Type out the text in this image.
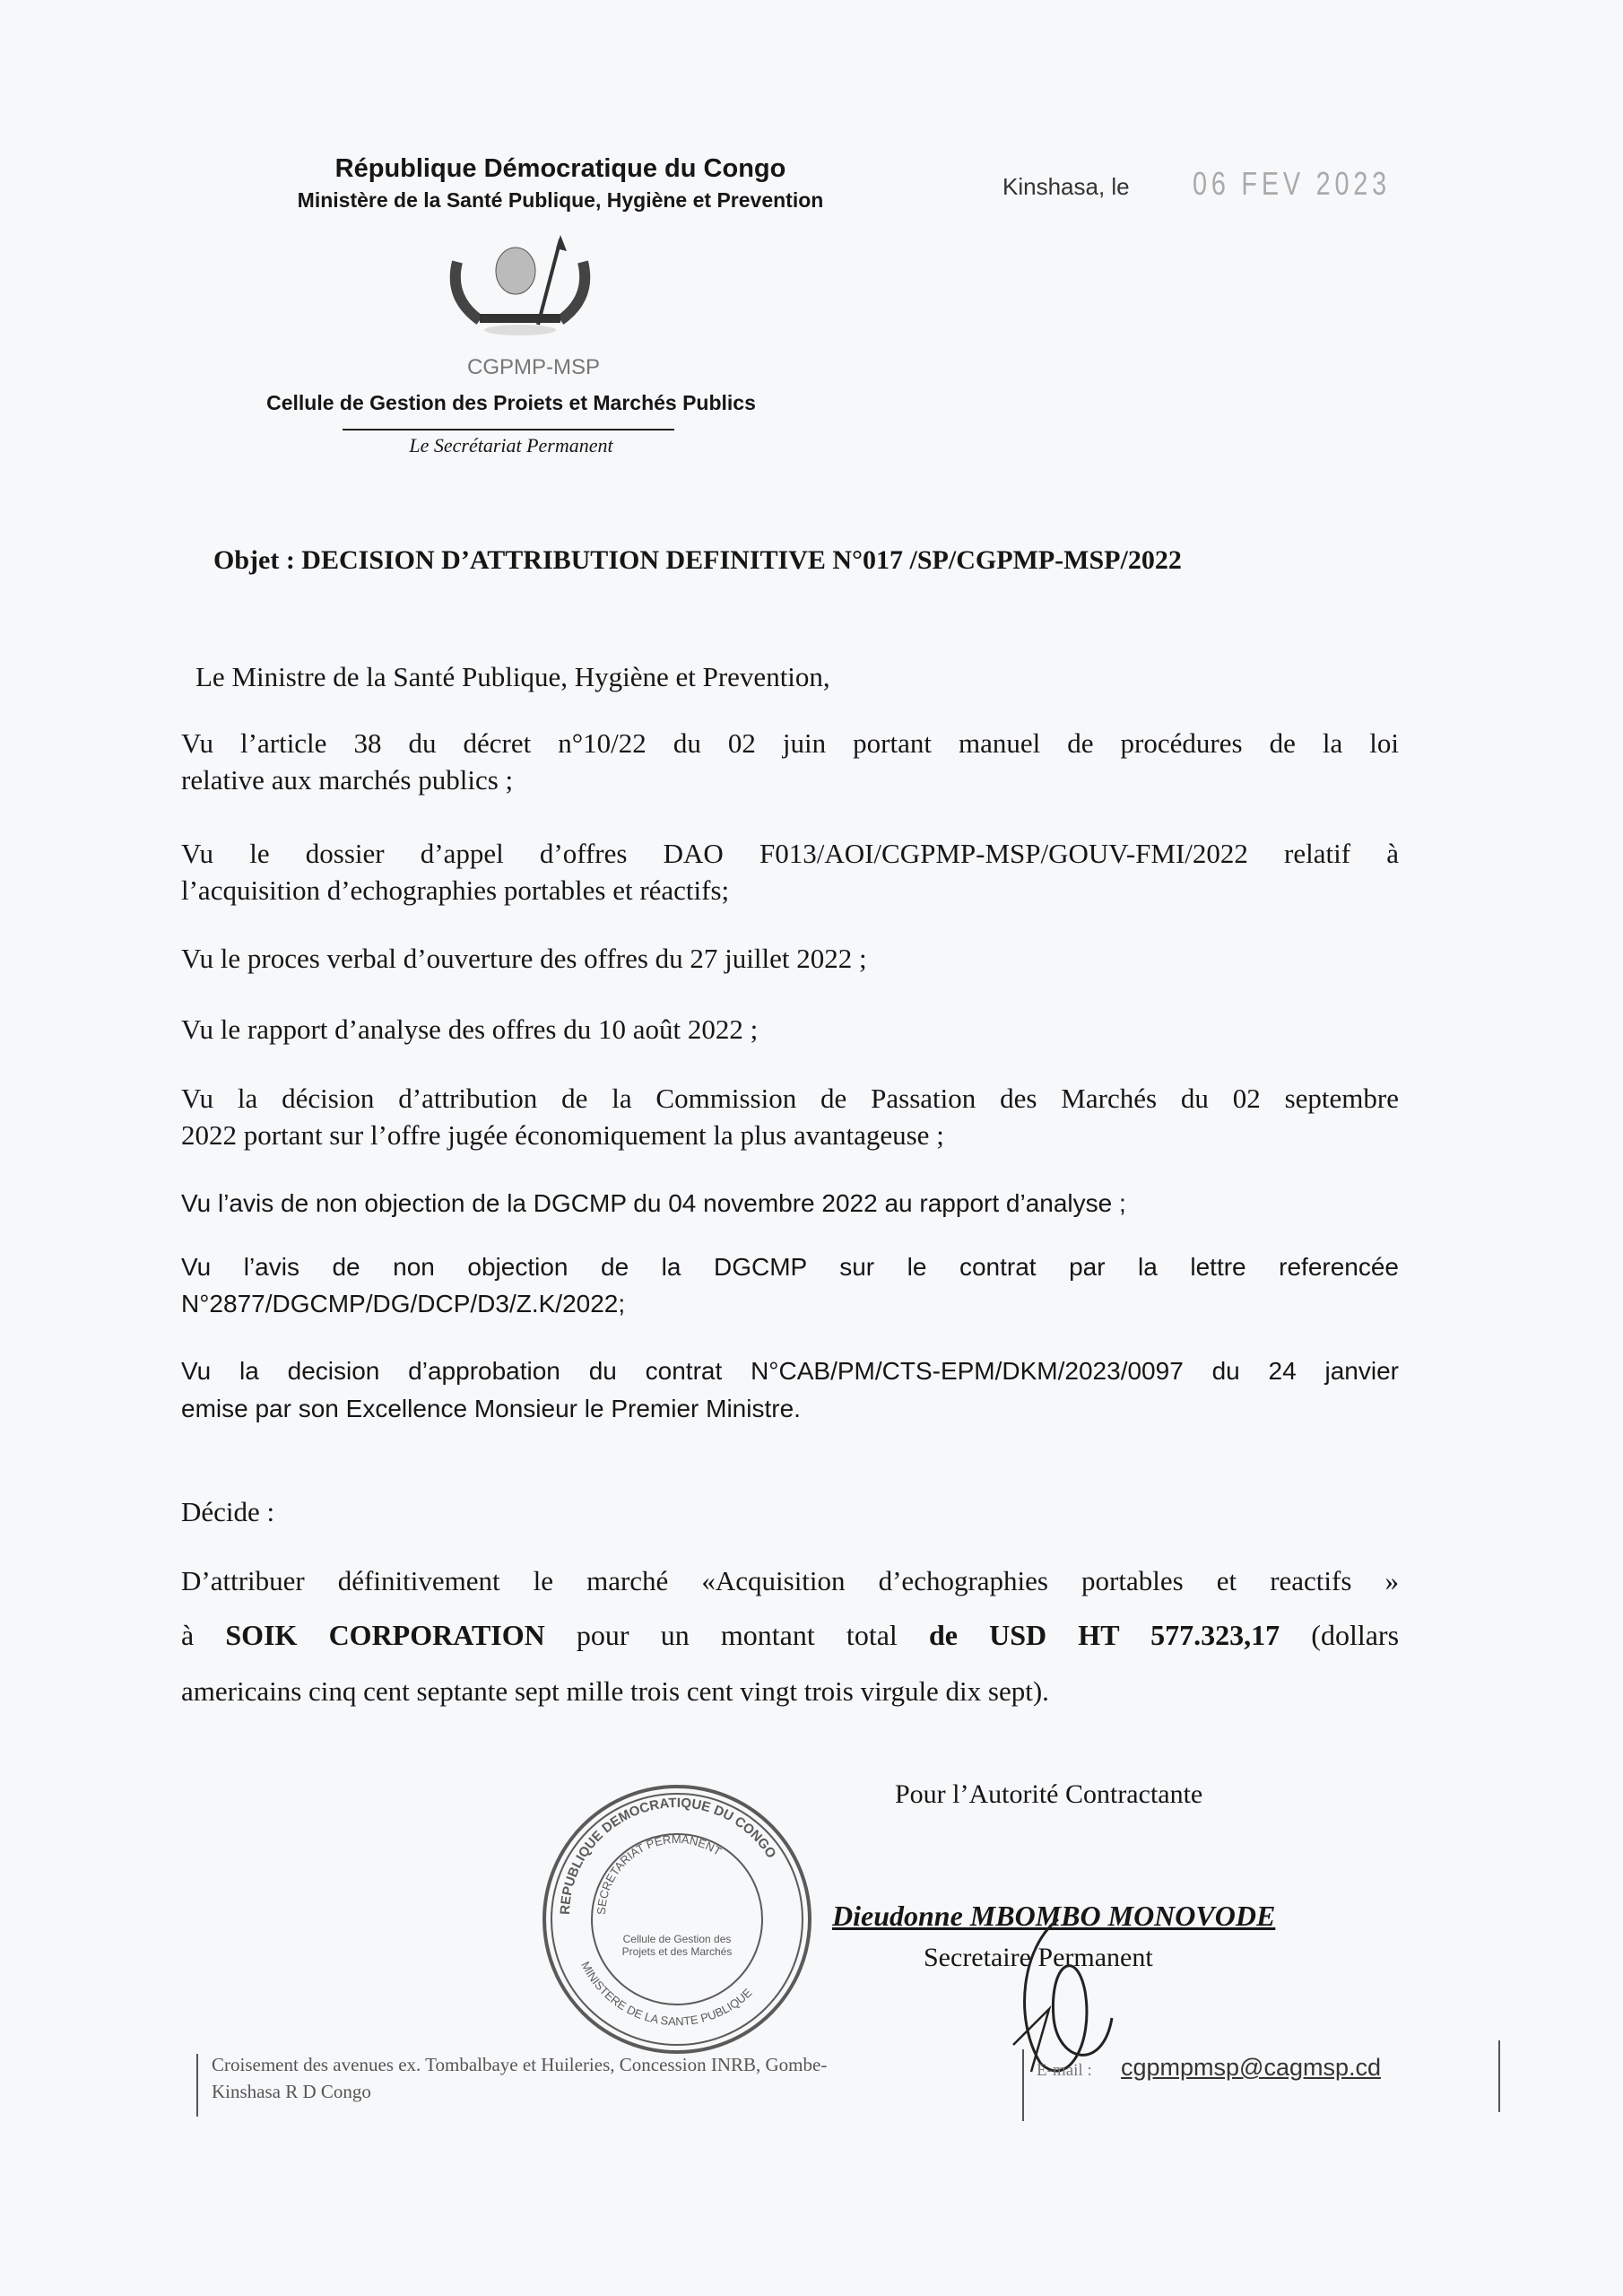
République Démocratique du Congo
Ministère de la Santé Publique, Hygiène et Prevention	Kinshasa, le 06 FEV 2023
CGPMP-MSP
Cellule de Gestion des Proiets et Marchés Publics
Le Secrétariat Permanent
Objet : DECISION D’ATTRIBUTION DEFINITIVE N°017 /SP/CGPMP-MSP/2022
Le Ministre de la Santé Publique, Hygiène et Prevention,
Vu l’article 38 du décret n°10/22 du 02 juin portant manuel de procédures de la loi
relative aux marchés publics ;
Vu le dossier d’appel d’offres DAO F013/AOI/CGPMP-MSP/GOUV-FMI/2022 relatif à
l’acquisition d’echographies portables et réactifs;
Vu le proces verbal d’ouverture des offres du 27 juillet 2022 ;
Vu le rapport d’analyse des offres du 10 août 2022 ;
Vu la décision d’attribution de la Commission de Passation des Marchés du 02 septembre
2022 portant sur l’offre jugée économiquement la plus avantageuse ;
Vu l’avis de non objection de la DGCMP du 04 novembre 2022 au rapport d’analyse ;
Vu l’avis de non objection de la DGCMP sur le contrat par la lettre referencée
N°2877/DGCMP/DG/DCP/D3/Z.K/2022;
Vu la decision d’approbation du contrat N°CAB/PM/CTS-EPM/DKM/2023/0097 du 24 janvier
emise par son Excellence Monsieur le Premier Ministre.
Décide :
D’attribuer définitivement le marché «Acquisition d’echographies portables et reactifs »
à SOIK CORPORATION pour un montant total de USD HT 577.323,17 (dollars
americains cinq cent septante sept mille trois cent vingt trois virgule dix sept).
REPUBLIQUE DEMOCRATIQUE DU CONGO
SECRETARIAT PERMANENT
MINISTERE DE LA SANTE PUBLIQUE
Cellule de Gestion des Projets et des Marchés
Pour l’Autorité Contractante
Dieudonne MBOMBO MONOVODE
Secretaire Permanent
Croisement des avenues ex. Tombalbaye et Huileries, Concession INRB, Gombe-
Kinshasa R D Congo
E-mail : cgpmpmsp@cagmsp.cd
